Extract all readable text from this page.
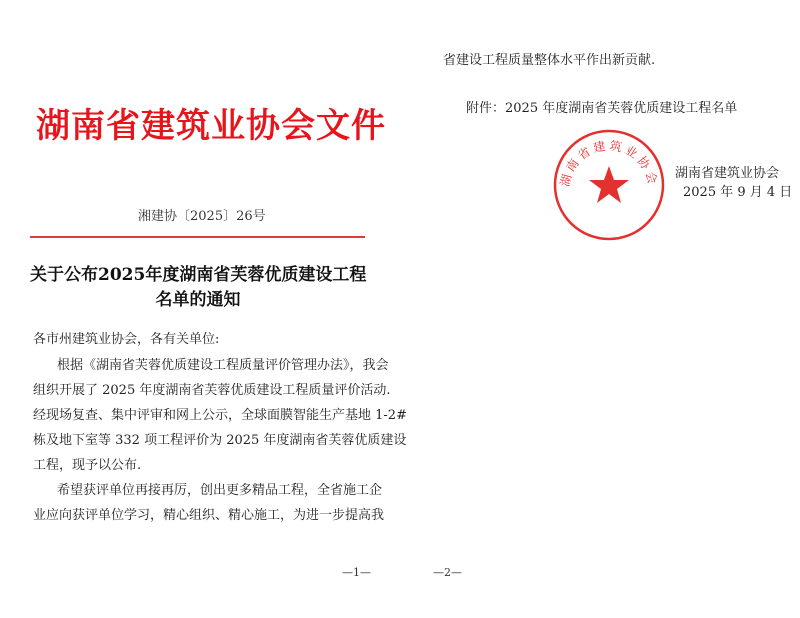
湖南省建筑业协会文件
湘建协〔2025〕26号
关于公布2025年度湖南省芙蓉优质建设工程
名单的通知
各市州建筑业协会，各有关单位:
根据《湖南省芙蓉优质建设工程质量评价管理办法》，我会
组织开展了 2025 年度湖南省芙蓉优质建设工程质量评价活动.
经现场复查、集中评审和网上公示，全球面膜智能生产基地 1-2#
栋及地下室等 332 项工程评价为 2025 年度湖南省芙蓉优质建设
工程，现予以公布.
希望获评单位再接再厉，创出更多精品工程，全省施工企
业应向获评单位学习，精心组织、精心施工，为进一步提高我
—1—
省建设工程质量整体水平作出新贡献.
附件：2025 年度湖南省芙蓉优质建设工程名单
湖南省建筑业协会 湖南省建筑业协会
2025 年 9 月 4 日
—2—
